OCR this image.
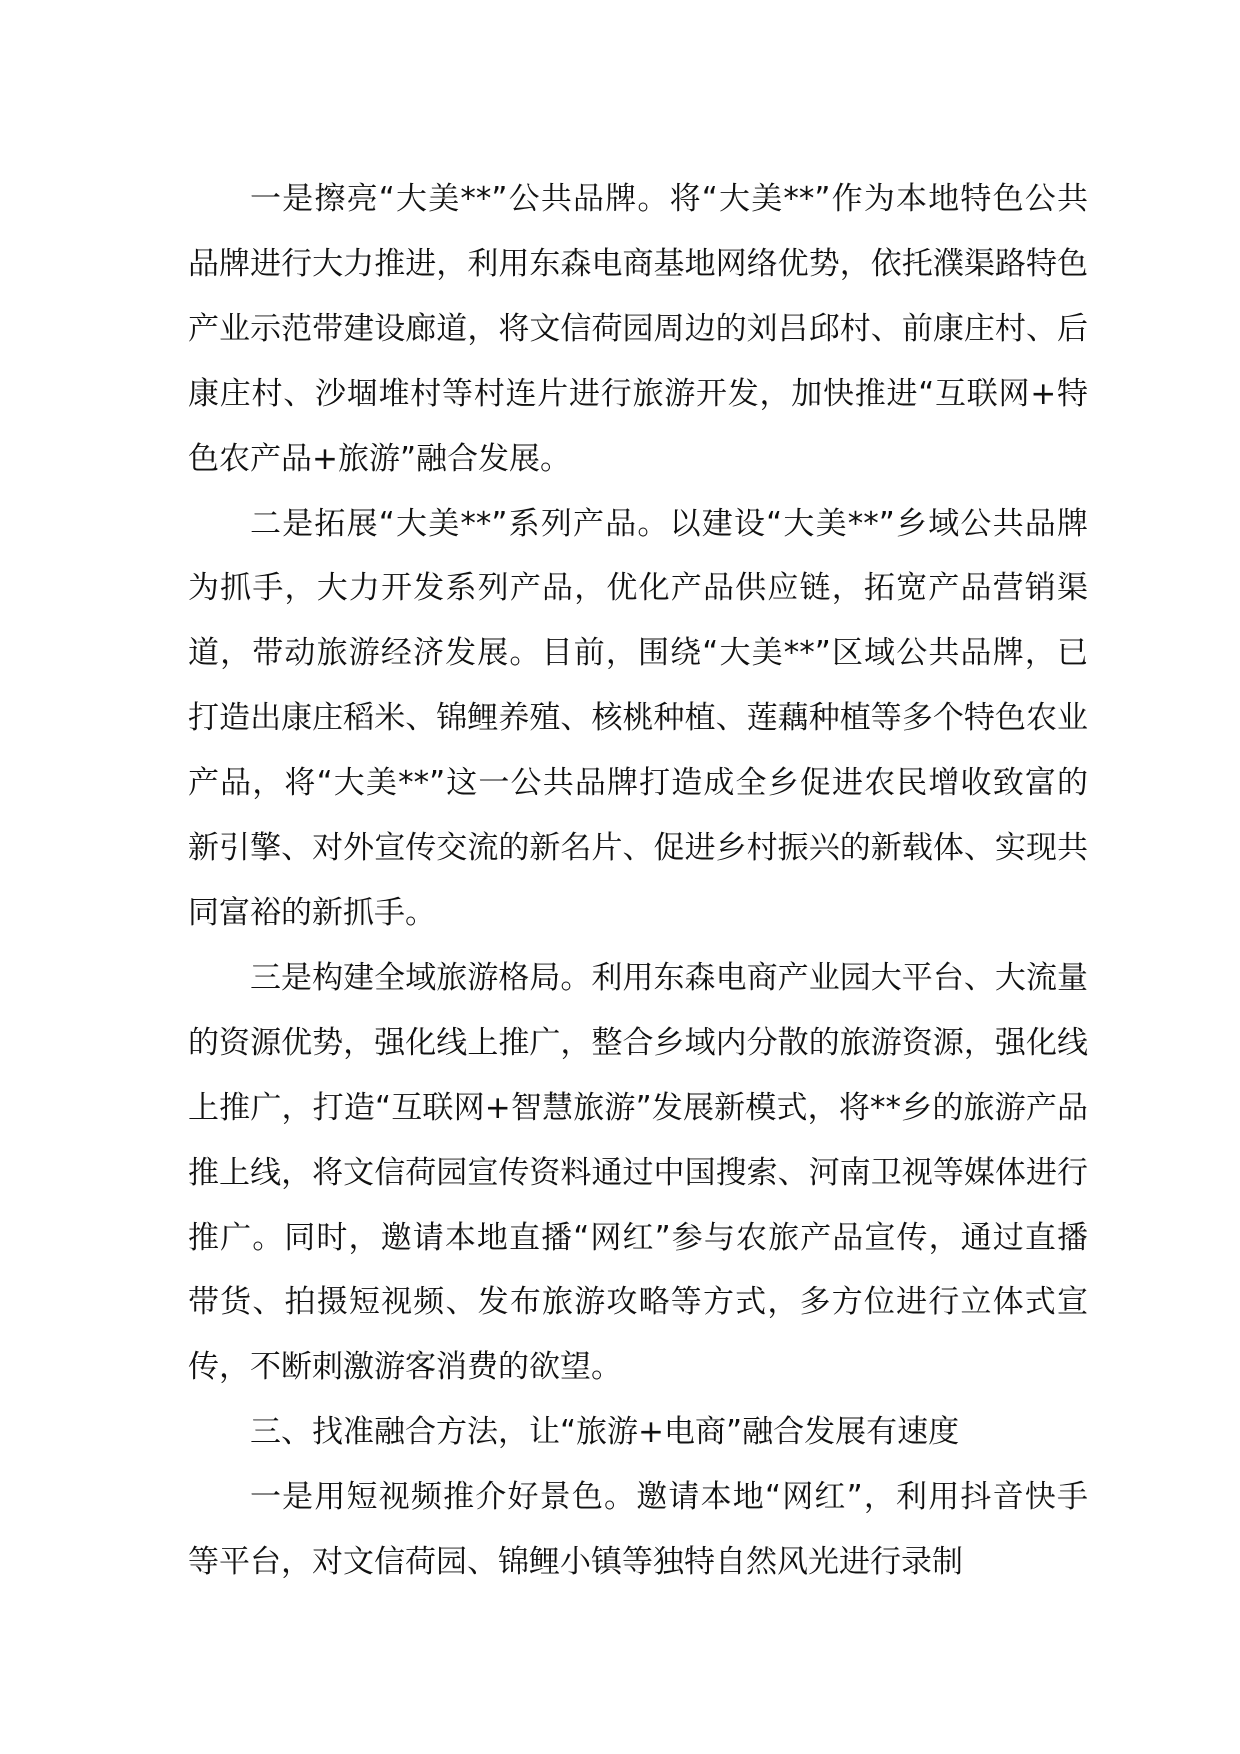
一是擦亮“大美**”公共品牌。将“大美**”作为本地特色公共品牌进行大力推进，利用东森电商基地网络优势，依托濮渠路特色产业示范带建设廊道，将文信荷园周边的刘吕邱村、前康庄村、后康庄村、沙堌堆村等村连片进行旅游开发，加快推进“互联网+特色农产品+旅游”融合发展。

二是拓展“大美**”系列产品。以建设“大美**”乡域公共品牌为抓手，大力开发系列产品，优化产品供应链，拓宽产品营销渠道，带动旅游经济发展。目前，围绕“大美**”区域公共品牌，已打造出康庄稻米、锦鲤养殖、核桃种植、莲藕种植等多个特色农业产品，将“大美**”这一公共品牌打造成全乡促进农民增收致富的新引擎、对外宣传交流的新名片、促进乡村振兴的新载体、实现共同富裕的新抓手。

三是构建全域旅游格局。利用东森电商产业园大平台、大流量的资源优势，强化线上推广，整合乡域内分散的旅游资源，强化线上推广，打造“互联网+智慧旅游”发展新模式，将**乡的旅游产品推上线，将文信荷园宣传资料通过中国搜索、河南卫视等媒体进行推广。同时，邀请本地直播“网红”参与农旅产品宣传，通过直播带货、拍摄短视频、发布旅游攻略等方式，多方位进行立体式宣传，不断刺激游客消费的欲望。

三、找准融合方法，让“旅游+电商”融合发展有速度

一是用短视频推介好景色。邀请本地“网红”，利用抖音快手等平台，对文信荷园、锦鲤小镇等独特自然风光进行录制
